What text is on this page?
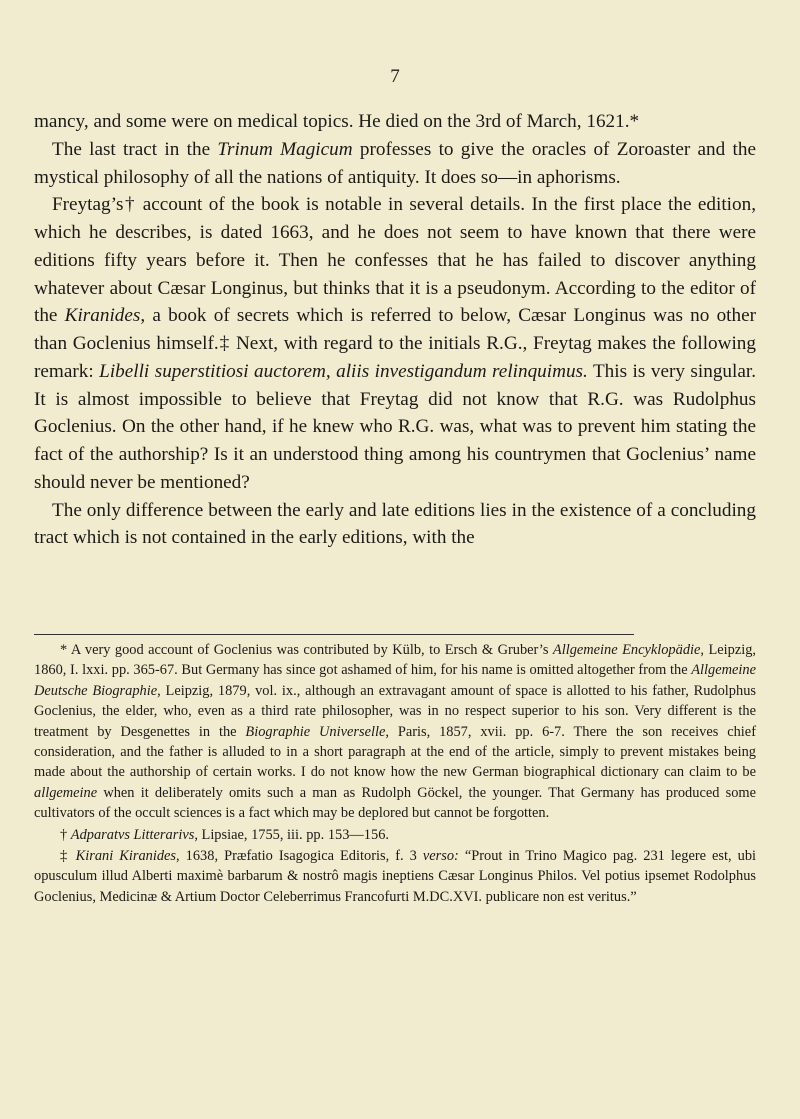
7

mancy, and some were on medical topics. He died on the 3rd of March, 1621.*

The last tract in the Trinum Magicum professes to give the oracles of Zoroaster and the mystical philosophy of all the nations of antiquity. It does so—in aphorisms.

Freytag’s† account of the book is notable in several details. In the first place the edition, which he describes, is dated 1663, and he does not seem to have known that there were editions fifty years before it. Then he confesses that he has failed to discover anything whatever about Cæsar Longinus, but thinks that it is a pseudonym. According to the editor of the Kiranides, a book of secrets which is referred to below, Cæsar Longinus was no other than Goclenius himself.‡ Next, with regard to the initials R.G., Freytag makes the following remark: Libelli superstitiosi auctorem, aliis investigandum relinquimus. This is very singular. It is almost impossible to believe that Freytag did not know that R.G. was Rudolphus Goclenius. On the other hand, if he knew who R.G. was, what was to prevent him stating the fact of the authorship? Is it an understood thing among his countrymen that Goclenius’ name should never be mentioned?

The only difference between the early and late editions lies in the existence of a concluding tract which is not contained in the early editions, with the

* A very good account of Goclenius was contributed by Külb, to Ersch & Gruber’s Allgemeine Encyklopädie, Leipzig, 1860, I. lxxi. pp. 365-67. But Germany has since got ashamed of him, for his name is omitted altogether from the Allgemeine Deutsche Biographie, Leipzig, 1879, vol. ix., although an extravagant amount of space is allotted to his father, Rudolphus Goclenius, the elder, who, even as a third rate philosopher, was in no respect superior to his son. Very different is the treatment by Desgenettes in the Biographie Universelle, Paris, 1857, xvii. pp. 6-7. There the son receives chief consideration, and the father is alluded to in a short paragraph at the end of the article, simply to prevent mistakes being made about the authorship of certain works. I do not know how the new German biographical dictionary can claim to be allgemeine when it deliberately omits such a man as Rudolph Göckel, the younger. That Germany has produced some cultivators of the occult sciences is a fact which may be deplored but cannot be forgotten.

† Adparatvs Litterarivs, Lipsiae, 1755, iii. pp. 153—156.

‡ Kirani Kiranides, 1638, Præfatio Isagogica Editoris, f. 3 verso: “Prout in Trino Magico pag. 231 legere est, ubi opusculum illud Alberti maximè barbarum & nostrô magis ineptiens Cæsar Longinus Philos. Vel potius ipsemet Rodolphus Goclenius, Medicinæ & Artium Doctor Celeberrimus Francofurti M.DC.XVI. publicare non est veritus.”
